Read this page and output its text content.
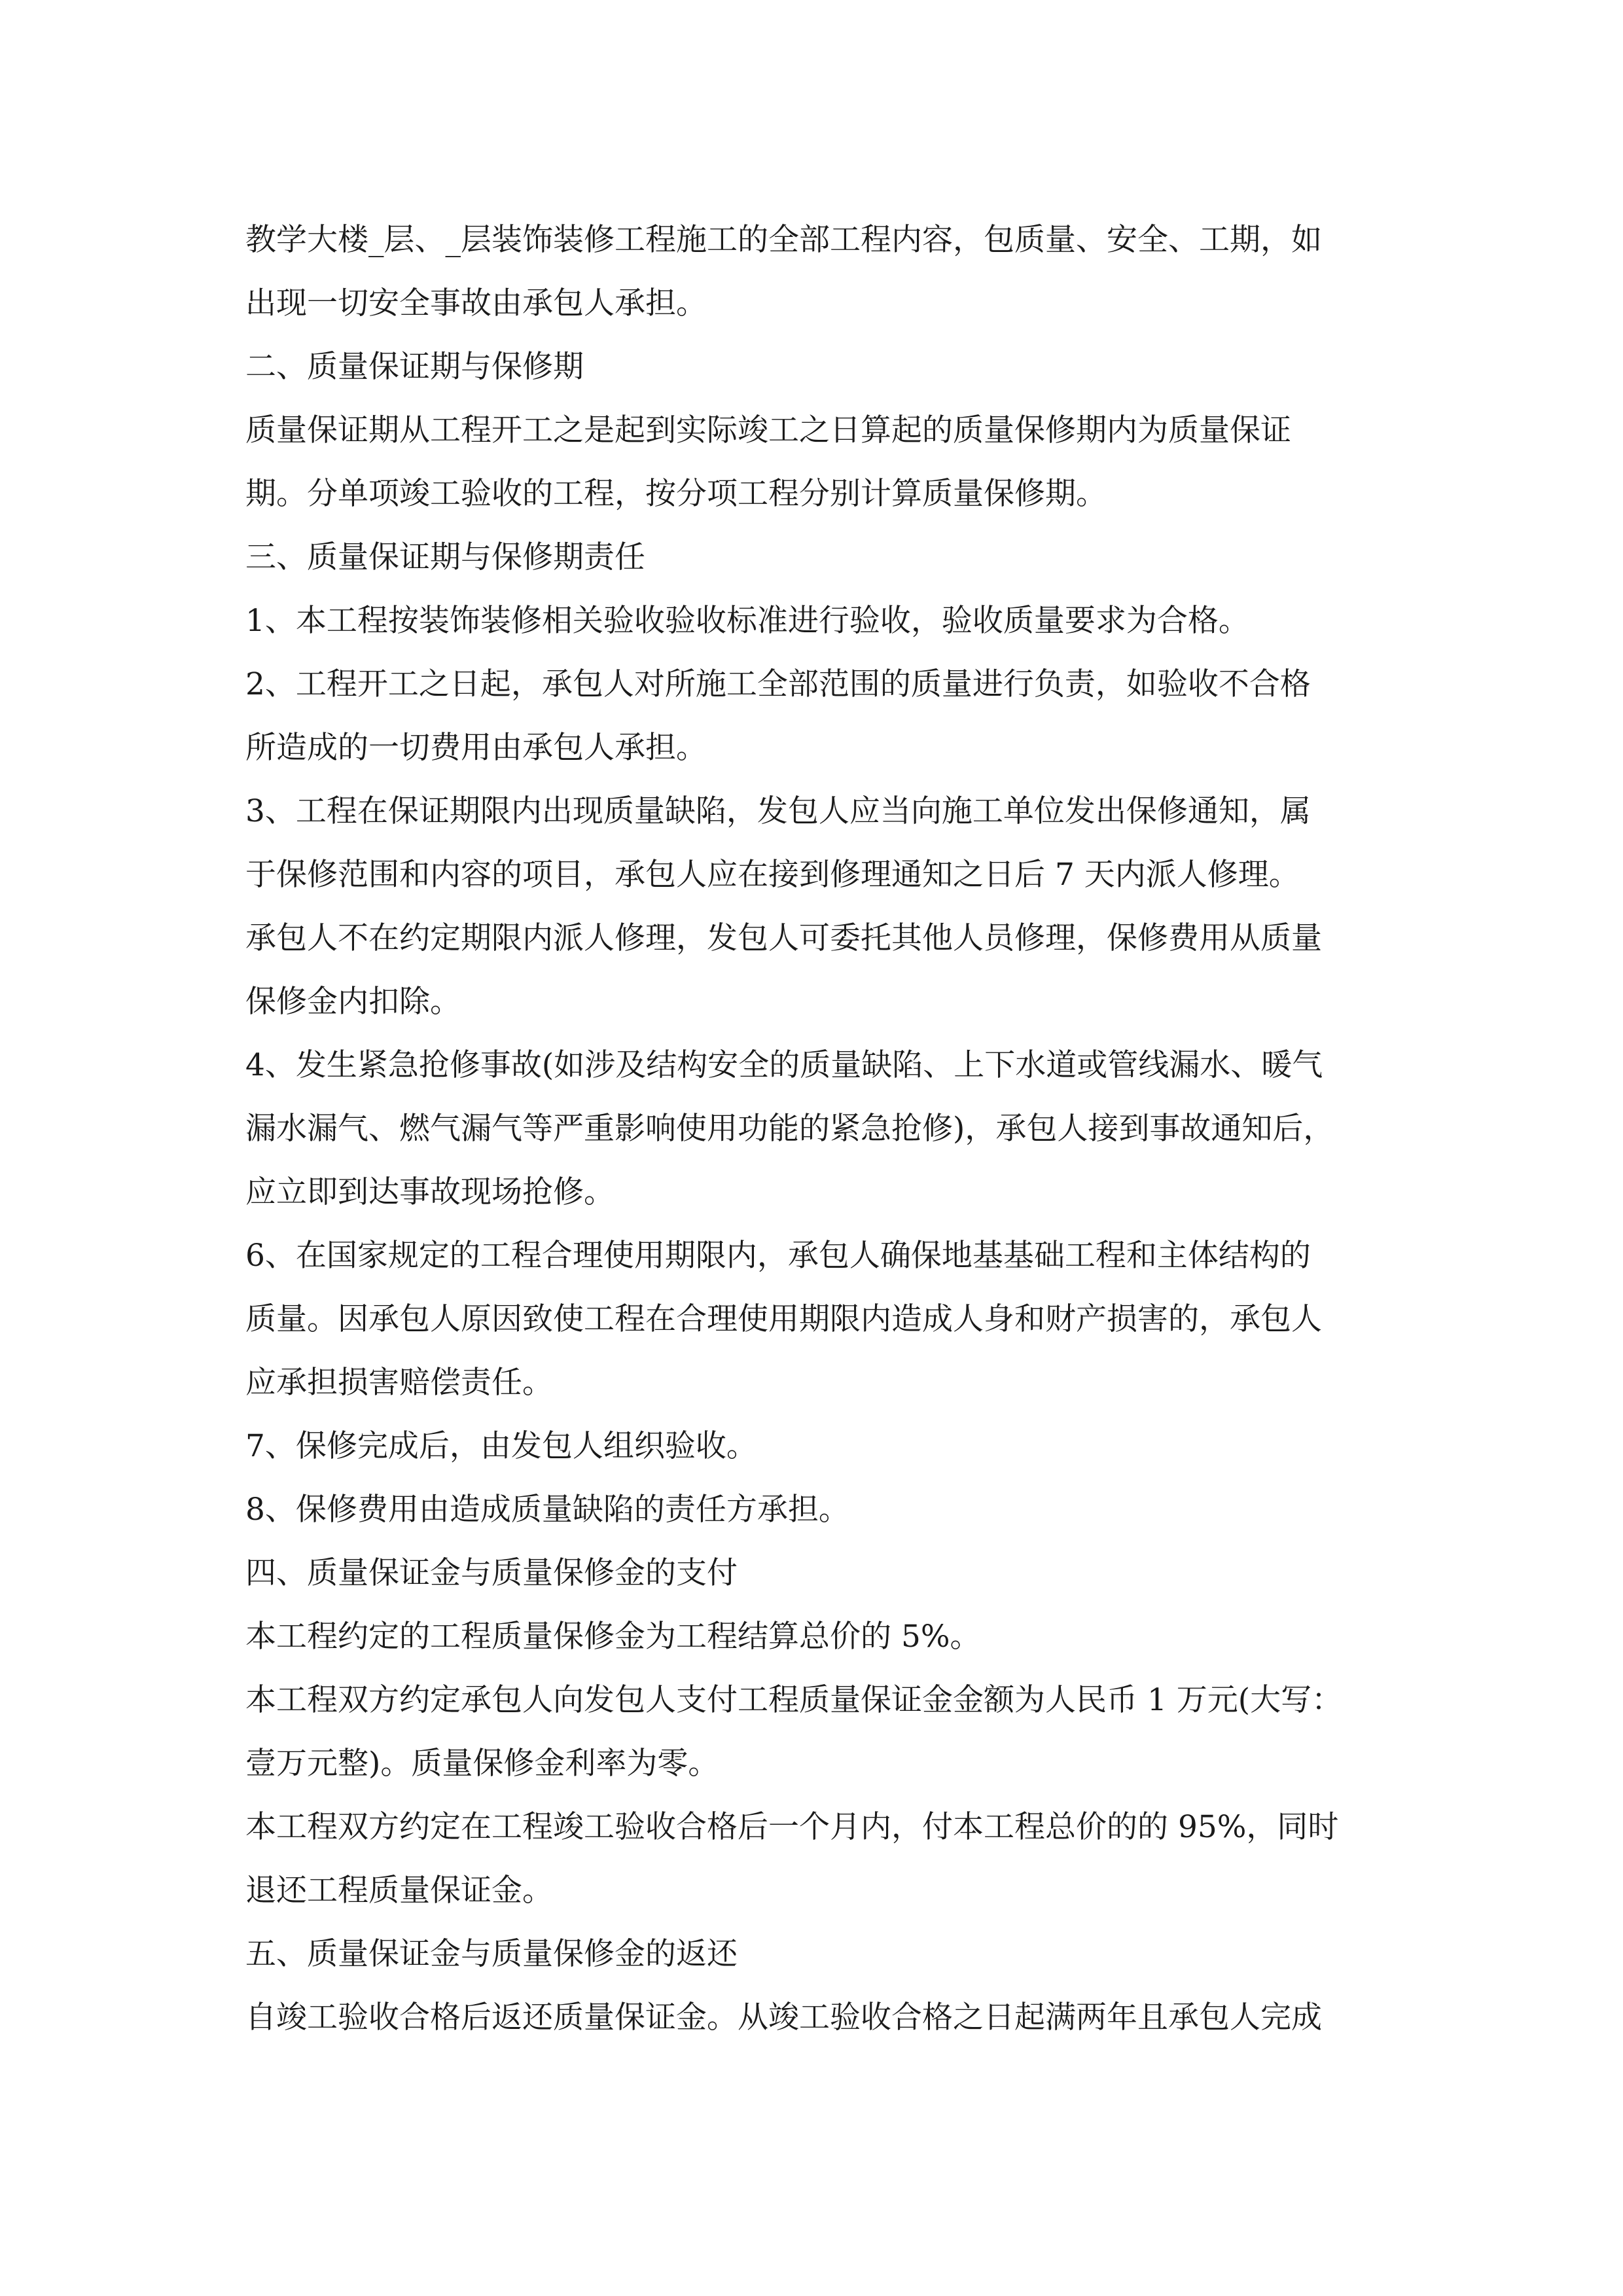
教学大楼_层、_层装饰装修工程施工的全部工程内容，包质量、安全、工期，如

出现一切安全事故由承包人承担。

二、质量保证期与保修期

质量保证期从工程开工之是起到实际竣工之日算起的质量保修期内为质量保证

期。分单项竣工验收的工程，按分项工程分别计算质量保修期。

三、质量保证期与保修期责任

1、本工程按装饰装修相关验收验收标准进行验收，验收质量要求为合格。

2、工程开工之日起，承包人对所施工全部范围的质量进行负责，如验收不合格

所造成的一切费用由承包人承担。

3、工程在保证期限内出现质量缺陷，发包人应当向施工单位发出保修通知，属

于保修范围和内容的项目，承包人应在接到修理通知之日后 7 天内派人修理。

承包人不在约定期限内派人修理，发包人可委托其他人员修理，保修费用从质量

保修金内扣除。

4、发生紧急抢修事故(如涉及结构安全的质量缺陷、上下水道或管线漏水、暖气

漏水漏气、燃气漏气等严重影响使用功能的紧急抢修)，承包人接到事故通知后，

应立即到达事故现场抢修。

6、在国家规定的工程合理使用期限内，承包人确保地基基础工程和主体结构的

质量。因承包人原因致使工程在合理使用期限内造成人身和财产损害的，承包人

应承担损害赔偿责任。

7、保修完成后，由发包人组织验收。

8、保修费用由造成质量缺陷的责任方承担。

四、质量保证金与质量保修金的支付

本工程约定的工程质量保修金为工程结算总价的 5%。

本工程双方约定承包人向发包人支付工程质量保证金金额为人民币 1 万元(大写：

壹万元整)。质量保修金利率为零。

本工程双方约定在工程竣工验收合格后一个月内，付本工程总价的的 95%，同时

退还工程质量保证金。

五、质量保证金与质量保修金的返还

自竣工验收合格后返还质量保证金。从竣工验收合格之日起满两年且承包人完成
